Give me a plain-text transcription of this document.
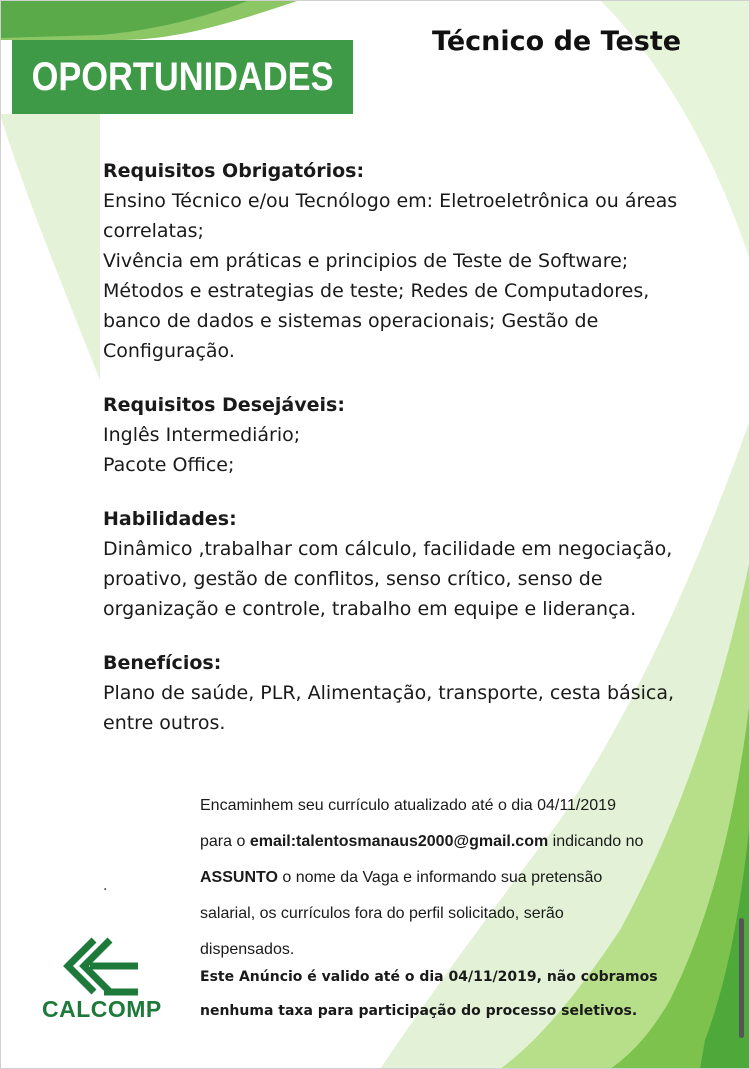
OPORTUNIDADES
Técnico de Teste

Requisitos Obrigatórios:

Ensino Técnico e/ou Tecnólogo em: Eletroeletrônica ou áreas

correlatas;

Vivência em práticas e principios de Teste de Software;

Métodos e estrategias de teste; Redes de Computadores,

banco de dados e sistemas operacionais; Gestão de

Configuração.

Requisitos Desejáveis:

Inglês Intermediário;

Pacote Office;

Habilidades:

Dinâmico ,trabalhar com cálculo, facilidade em negociação,

proativo, gestão de conflitos, senso crítico, senso de

organização e controle, trabalho em equipe e liderança.

Benefícios:

Plano de saúde, PLR, Alimentação, transporte, cesta básica,

entre outros.

Encaminhem seu currículo atualizado até o dia 04/11/2019
para o email:talentosmanaus2000@gmail.com indicando no
ASSUNTO o nome da Vaga e informando sua pretensão
salarial, os currículos fora do perfil solicitado, serão
dispensados.
.
Este Anúncio é valido até o dia 04/11/2019, não cobramos
nenhuma taxa para participação do processo seletivos.
CALCOMP
